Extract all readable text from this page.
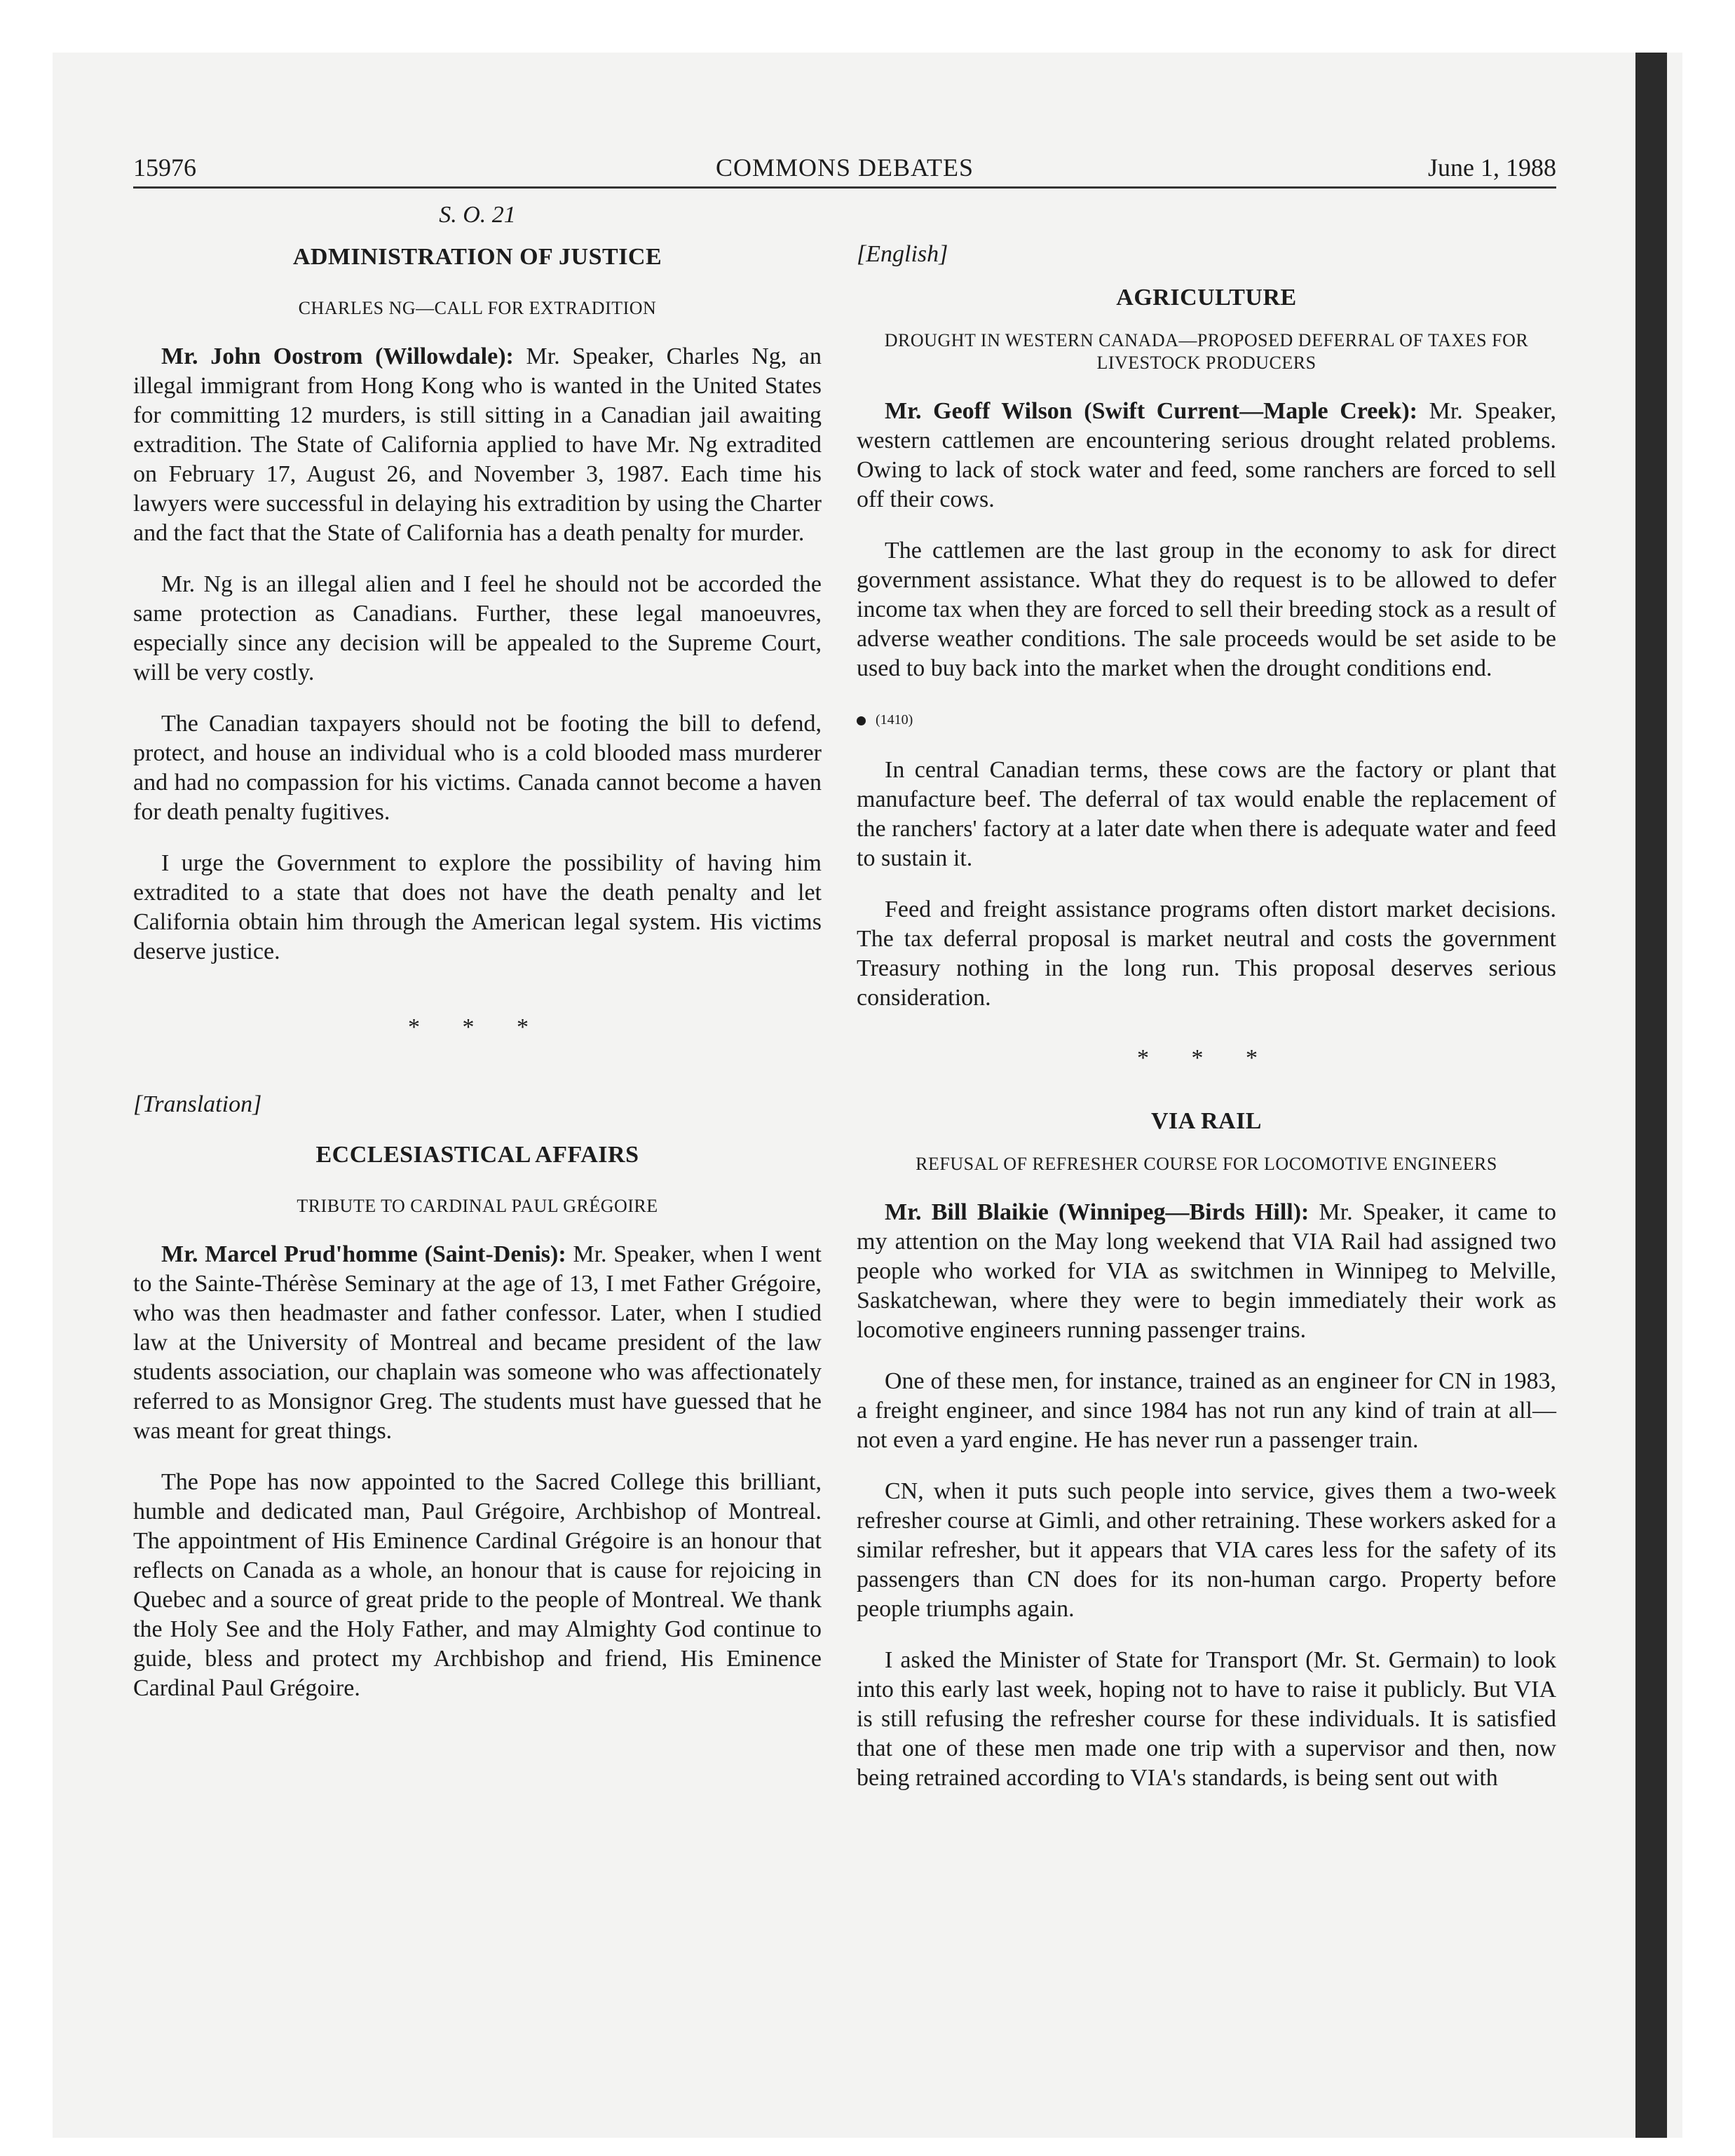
15976	COMMONS DEBATES	June 1, 1988
S. O. 21
ADMINISTRATION OF JUSTICE
CHARLES NG—CALL FOR EXTRADITION

Mr. John Oostrom (Willowdale): Mr. Speaker, Charles Ng, an illegal immigrant from Hong Kong who is wanted in the United States for committing 12 murders, is still sitting in a Canadian jail awaiting extradition. The State of California applied to have Mr. Ng extradited on February 17, August 26, and November 3, 1987. Each time his lawyers were successful in delaying his extradition by using the Charter and the fact that the State of California has a death penalty for murder.

Mr. Ng is an illegal alien and I feel he should not be accorded the same protection as Canadians. Further, these legal manoeuvres, especially since any decision will be appealed to the Supreme Court, will be very costly.

The Canadian taxpayers should not be footing the bill to defend, protect, and house an individual who is a cold blooded mass murderer and had no compassion for his victims. Canada cannot become a haven for death penalty fugitives.

I urge the Government to explore the possibility of having him extradited to a state that does not have the death penalty and let California obtain him through the American legal system. His victims deserve justice.

* * *
[Translation]
ECCLESIASTICAL AFFAIRS
TRIBUTE TO CARDINAL PAUL GRÉGOIRE

Mr. Marcel Prud'homme (Saint-Denis): Mr. Speaker, when I went to the Sainte-Thérèse Seminary at the age of 13, I met Father Grégoire, who was then headmaster and father confessor. Later, when I studied law at the University of Montreal and became president of the law students association, our chaplain was someone who was affectionately referred to as Monsignor Greg. The students must have guessed that he was meant for great things.

The Pope has now appointed to the Sacred College this brilliant, humble and dedicated man, Paul Grégoire, Archbishop of Montreal. The appointment of His Eminence Cardinal Grégoire is an honour that reflects on Canada as a whole, an honour that is cause for rejoicing in Quebec and a source of great pride to the people of Montreal. We thank the Holy See and the Holy Father, and may Almighty God continue to guide, bless and protect my Archbishop and friend, His Eminence Cardinal Paul Grégoire.

[English]
AGRICULTURE
DROUGHT IN WESTERN CANADA—PROPOSED DEFERRAL OF TAXES FOR LIVESTOCK PRODUCERS

Mr. Geoff Wilson (Swift Current—Maple Creek): Mr. Speaker, western cattlemen are encountering serious drought related problems. Owing to lack of stock water and feed, some ranchers are forced to sell off their cows.

The cattlemen are the last group in the economy to ask for direct government assistance. What they do request is to be allowed to defer income tax when they are forced to sell their breeding stock as a result of adverse weather conditions. The sale proceeds would be set aside to be used to buy back into the market when the drought conditions end.

(1410)

In central Canadian terms, these cows are the factory or plant that manufacture beef. The deferral of tax would enable the replacement of the ranchers' factory at a later date when there is adequate water and feed to sustain it.

Feed and freight assistance programs often distort market decisions. The tax deferral proposal is market neutral and costs the government Treasury nothing in the long run. This proposal deserves serious consideration.

* * *
VIA RAIL
REFUSAL OF REFRESHER COURSE FOR LOCOMOTIVE ENGINEERS

Mr. Bill Blaikie (Winnipeg—Birds Hill): Mr. Speaker, it came to my attention on the May long weekend that VIA Rail had assigned two people who worked for VIA as switchmen in Winnipeg to Melville, Saskatchewan, where they were to begin immediately their work as locomotive engineers running passenger trains.

One of these men, for instance, trained as an engineer for CN in 1983, a freight engineer, and since 1984 has not run any kind of train at all—not even a yard engine. He has never run a passenger train.

CN, when it puts such people into service, gives them a two-week refresher course at Gimli, and other retraining. These workers asked for a similar refresher, but it appears that VIA cares less for the safety of its passengers than CN does for its non-human cargo. Property before people triumphs again.

I asked the Minister of State for Transport (Mr. St. Germain) to look into this early last week, hoping not to have to raise it publicly. But VIA is still refusing the refresher course for these individuals. It is satisfied that one of these men made one trip with a supervisor and then, now being retrained according to VIA's standards, is being sent out with
